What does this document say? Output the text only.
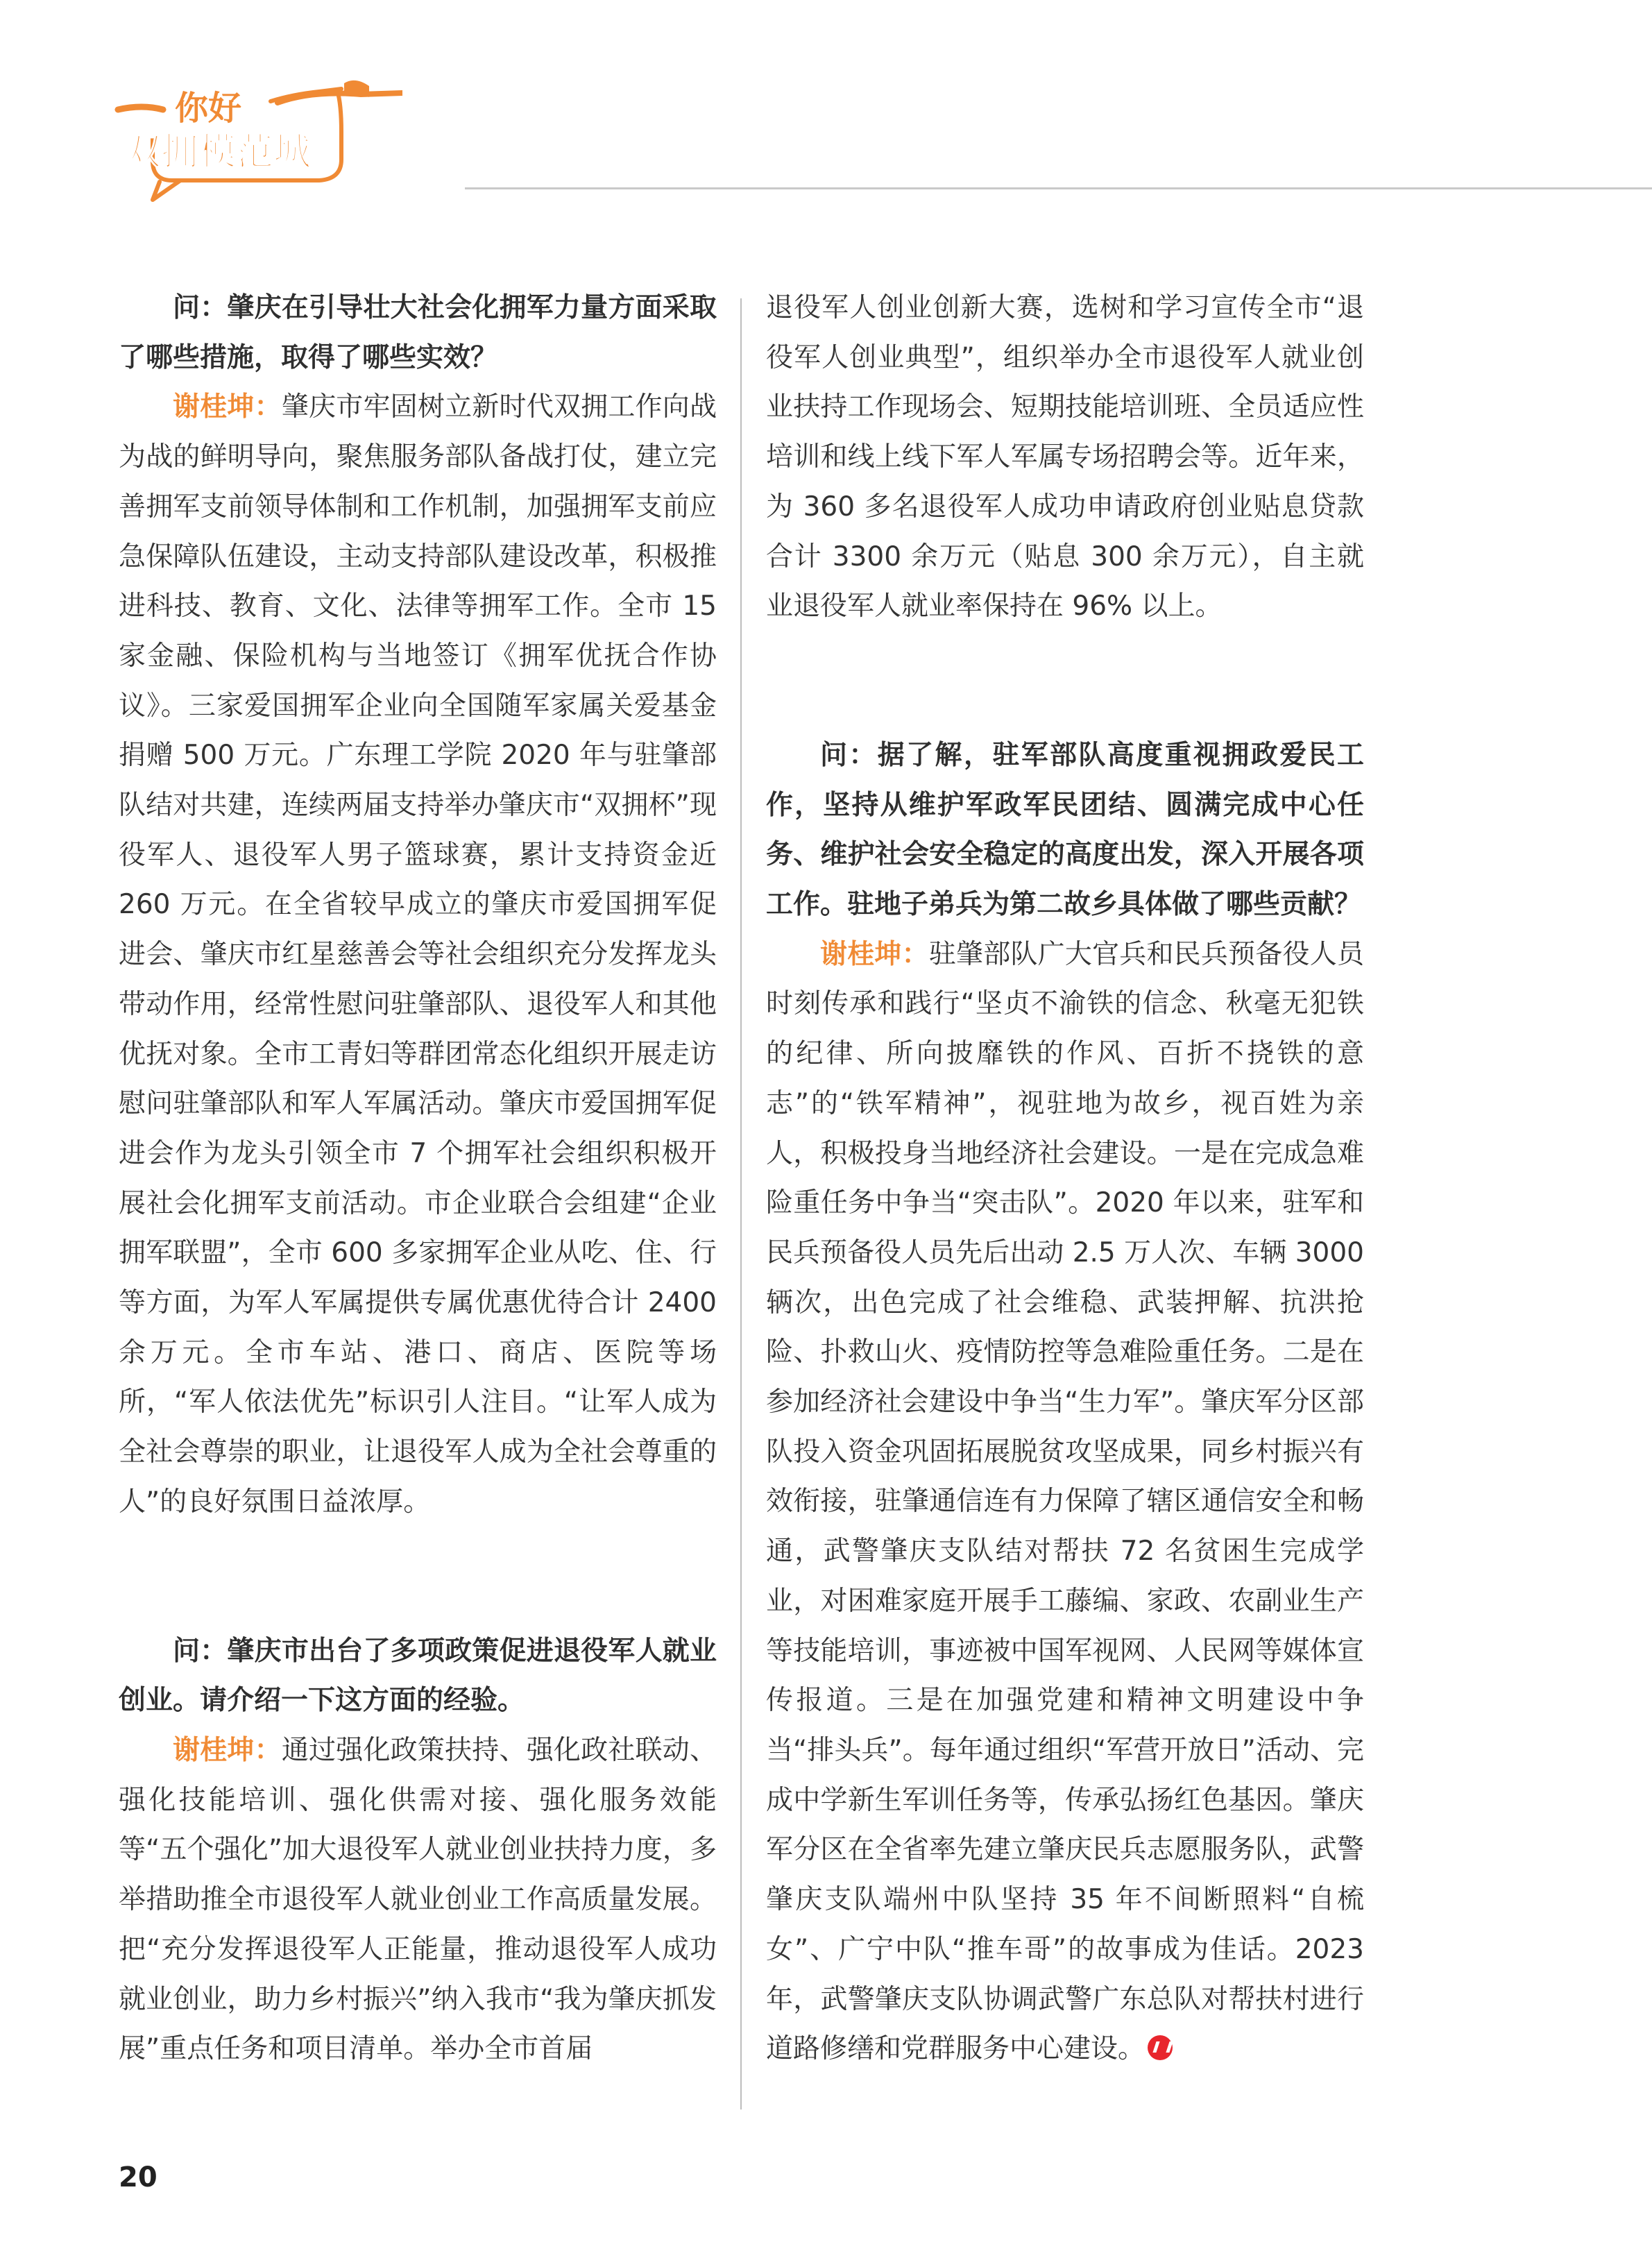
你好
双拥模范城

问：肇庆在引导壮大社会化拥军力量方面采取了哪些措施，取得了哪些实效？

谢桂坤：肇庆市牢固树立新时代双拥工作向战为战的鲜明导向，聚焦服务部队备战打仗，建立完善拥军支前领导体制和工作机制，加强拥军支前应急保障队伍建设，主动支持部队建设改革，积极推进科技、教育、文化、法律等拥军工作。全市 15 家金融、保险机构与当地签订《拥军优抚合作协议》。三家爱国拥军企业向全国随军家属关爱基金捐赠 500 万元。广东理工学院 2020 年与驻肇部队结对共建，连续两届支持举办肇庆市“双拥杯”现役军人、退役军人男子篮球赛，累计支持资金近 260 万元。在全省较早成立的肇庆市爱国拥军促进会、肇庆市红星慈善会等社会组织充分发挥龙头带动作用，经常性慰问驻肇部队、退役军人和其他优抚对象。全市工青妇等群团常态化组织开展走访慰问驻肇部队和军人军属活动。肇庆市爱国拥军促进会作为龙头引领全市 7 个拥军社会组织积极开展社会化拥军支前活动。市企业联合会组建“企业拥军联盟”，全市 600 多家拥军企业从吃、住、行等方面，为军人军属提供专属优惠优待合计 2400 余万元。全市车站、港口、商店、医院等场所，“军人依法优先”标识引人注目。“让军人成为全社会尊崇的职业，让退役军人成为全社会尊重的人”的良好氛围日益浓厚。

问：肇庆市出台了多项政策促进退役军人就业创业。请介绍一下这方面的经验。

谢桂坤：通过强化政策扶持、强化政社联动、强化技能培训、强化供需对接、强化服务效能等“五个强化”加大退役军人就业创业扶持力度，多举措助推全市退役军人就业创业工作高质量发展。把“充分发挥退役军人正能量，推动退役军人成功就业创业，助力乡村振兴”纳入我市“我为肇庆抓发展”重点任务和项目清单。举办全市首届

退役军人创业创新大赛，选树和学习宣传全市“退役军人创业典型”，组织举办全市退役军人就业创业扶持工作现场会、短期技能培训班、全员适应性培训和线上线下军人军属专场招聘会等。近年来，为 360 多名退役军人成功申请政府创业贴息贷款合计 3300 余万元（贴息 300 余万元），自主就业退役军人就业率保持在 96% 以上。

问：据了解，驻军部队高度重视拥政爱民工作，坚持从维护军政军民团结、圆满完成中心任务、维护社会安全稳定的高度出发，深入开展各项工作。驻地子弟兵为第二故乡具体做了哪些贡献？

谢桂坤：驻肇部队广大官兵和民兵预备役人员时刻传承和践行“坚贞不渝铁的信念、秋毫无犯铁的纪律、所向披靡铁的作风、百折不挠铁的意志”的“铁军精神”，视驻地为故乡，视百姓为亲人，积极投身当地经济社会建设。一是在完成急难险重任务中争当“突击队”。2020 年以来，驻军和民兵预备役人员先后出动 2.5 万人次、车辆 3000 辆次，出色完成了社会维稳、武装押解、抗洪抢险、扑救山火、疫情防控等急难险重任务。二是在参加经济社会建设中争当“生力军”。肇庆军分区部队投入资金巩固拓展脱贫攻坚成果，同乡村振兴有效衔接，驻肇通信连有力保障了辖区通信安全和畅通，武警肇庆支队结对帮扶 72 名贫困生完成学业，对困难家庭开展手工藤编、家政、农副业生产等技能培训，事迹被中国军视网、人民网等媒体宣传报道。三是在加强党建和精神文明建设中争当“排头兵”。每年通过组织“军营开放日”活动、完成中学新生军训任务等，传承弘扬红色基因。肇庆军分区在全省率先建立肇庆民兵志愿服务队，武警肇庆支队端州中队坚持 35 年不间断照料“自梳女”、广宁中队“推车哥”的故事成为佳话。2023 年，武警肇庆支队协调武警广东总队对帮扶村进行道路修缮和党群服务中心建设。

20
